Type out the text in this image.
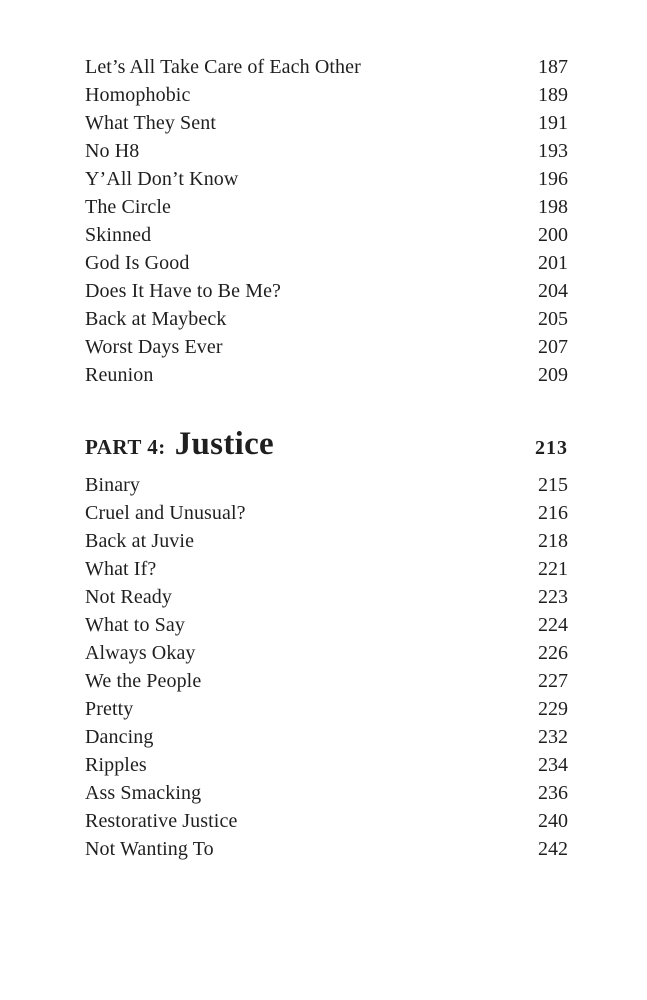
Let’s All Take Care of Each Other	187
Homophobic	189
What They Sent	191
No H8	193
Y’All Don’t Know	196
The Circle	198
Skinned	200
God Is Good	201
Does It Have to Be Me?	204
Back at Maybeck	205
Worst Days Ever	207
Reunion	209
PART 4: Justice	213
Binary	215
Cruel and Unusual?	216
Back at Juvie	218
What If?	221
Not Ready	223
What to Say	224
Always Okay	226
We the People	227
Pretty	229
Dancing	232
Ripples	234
Ass Smacking	236
Restorative Justice	240
Not Wanting To	242
